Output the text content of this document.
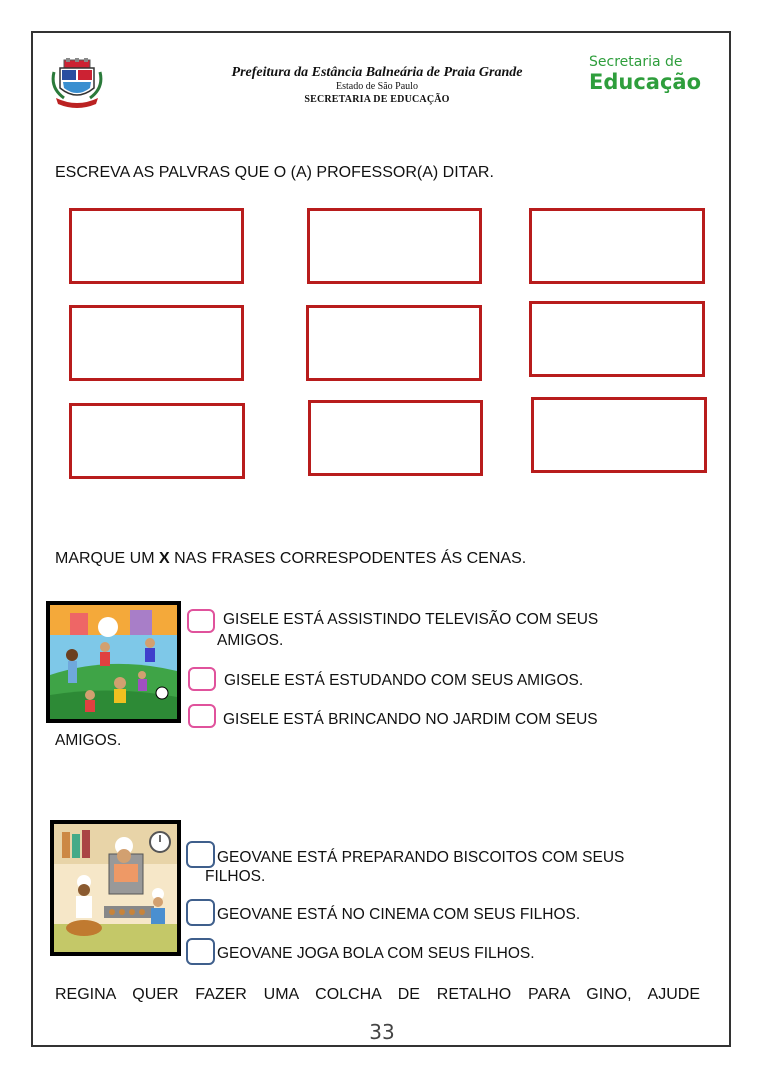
Prefeitura da Estância Balneária de Praia Grande
Estado de São Paulo
SECRETARIA DE EDUCAÇÃO
Secretaria de
Educação
ESCREVA AS PALVRAS QUE O (A) PROFESSOR(A) DITAR.
MARQUE UM X NAS FRASES CORRESPODENTES ÁS CENAS.
GISELE ESTÁ ASSISTINDO TELEVISÃO COM SEUS
AMIGOS.
GISELE ESTÁ ESTUDANDO COM SEUS AMIGOS.
GISELE ESTÁ BRINCANDO NO JARDIM COM SEUS
AMIGOS.
GEOVANE ESTÁ PREPARANDO BISCOITOS COM SEUS
FILHOS.
GEOVANE ESTÁ NO CINEMA COM SEUS FILHOS.
GEOVANE JOGA BOLA COM SEUS FILHOS.
REGINA QUER FAZER UMA COLCHA DE RETALHO PARA GINO, AJUDE
33
